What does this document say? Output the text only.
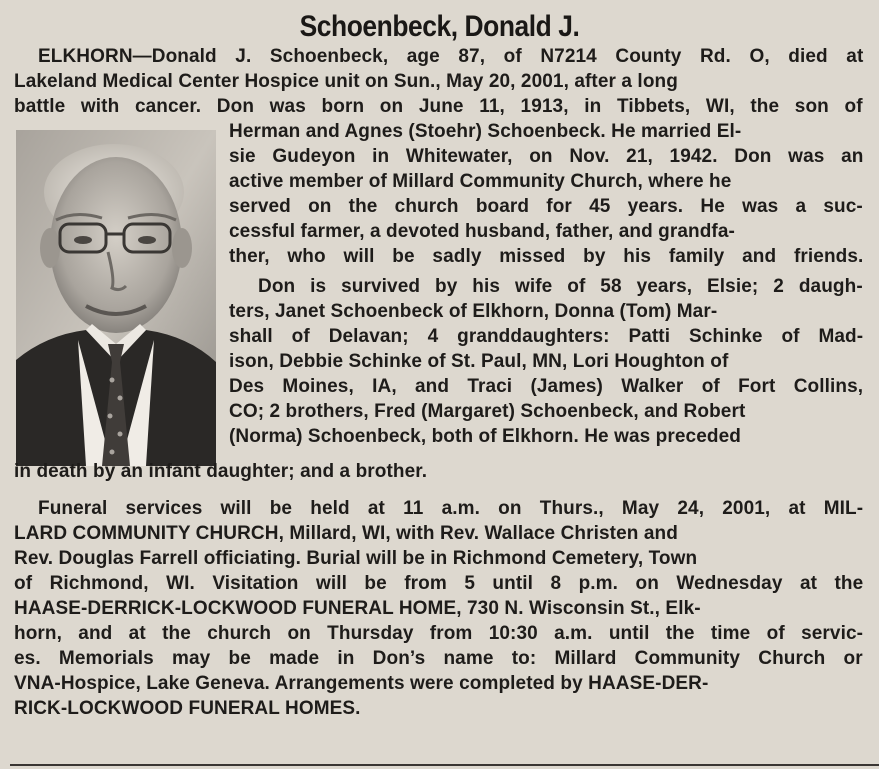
Schoenbeck, Donald J.
ELKHORN—Donald J. Schoenbeck, age 87, of N7214 County Rd. O, died at
Lakeland Medical Center Hospice unit on Sun., May 20, 2001, after a long
battle with cancer. Don was born on June 11, 1913, in Tibbets, WI, the son of
Herman and Agnes (Stoehr) Schoenbeck. He married El-
sie Gudeyon in Whitewater, on Nov. 21, 1942. Don was an
active member of Millard Community Church, where he
served on the church board for 45 years. He was a suc-
cessful farmer, a devoted husband, father, and grandfa-
ther, who will be sadly missed by his family and friends.
Don is survived by his wife of 58 years, Elsie; 2 daugh-
ters, Janet Schoenbeck of Elkhorn, Donna (Tom) Mar-
shall of Delavan; 4 granddaughters: Patti Schinke of Mad-
ison, Debbie Schinke of St. Paul, MN, Lori Houghton of
Des Moines, IA, and Traci (James) Walker of Fort Collins,
CO; 2 brothers, Fred (Margaret) Schoenbeck, and Robert
(Norma) Schoenbeck, both of Elkhorn. He was preceded
in death by an infant daughter; and a brother.
Funeral services will be held at 11 a.m. on Thurs., May 24, 2001, at MIL-
LARD COMMUNITY CHURCH, Millard, WI, with Rev. Wallace Christen and
Rev. Douglas Farrell officiating. Burial will be in Richmond Cemetery, Town
of Richmond, WI. Visitation will be from 5 until 8 p.m. on Wednesday at the
HAASE-DERRICK-LOCKWOOD FUNERAL HOME, 730 N. Wisconsin St., Elk-
horn, and at the church on Thursday from 10:30 a.m. until the time of servic-
es. Memorials may be made in Don’s name to: Millard Community Church or
VNA-Hospice, Lake Geneva. Arrangements were completed by HAASE-DER-
RICK-LOCKWOOD FUNERAL HOMES.
